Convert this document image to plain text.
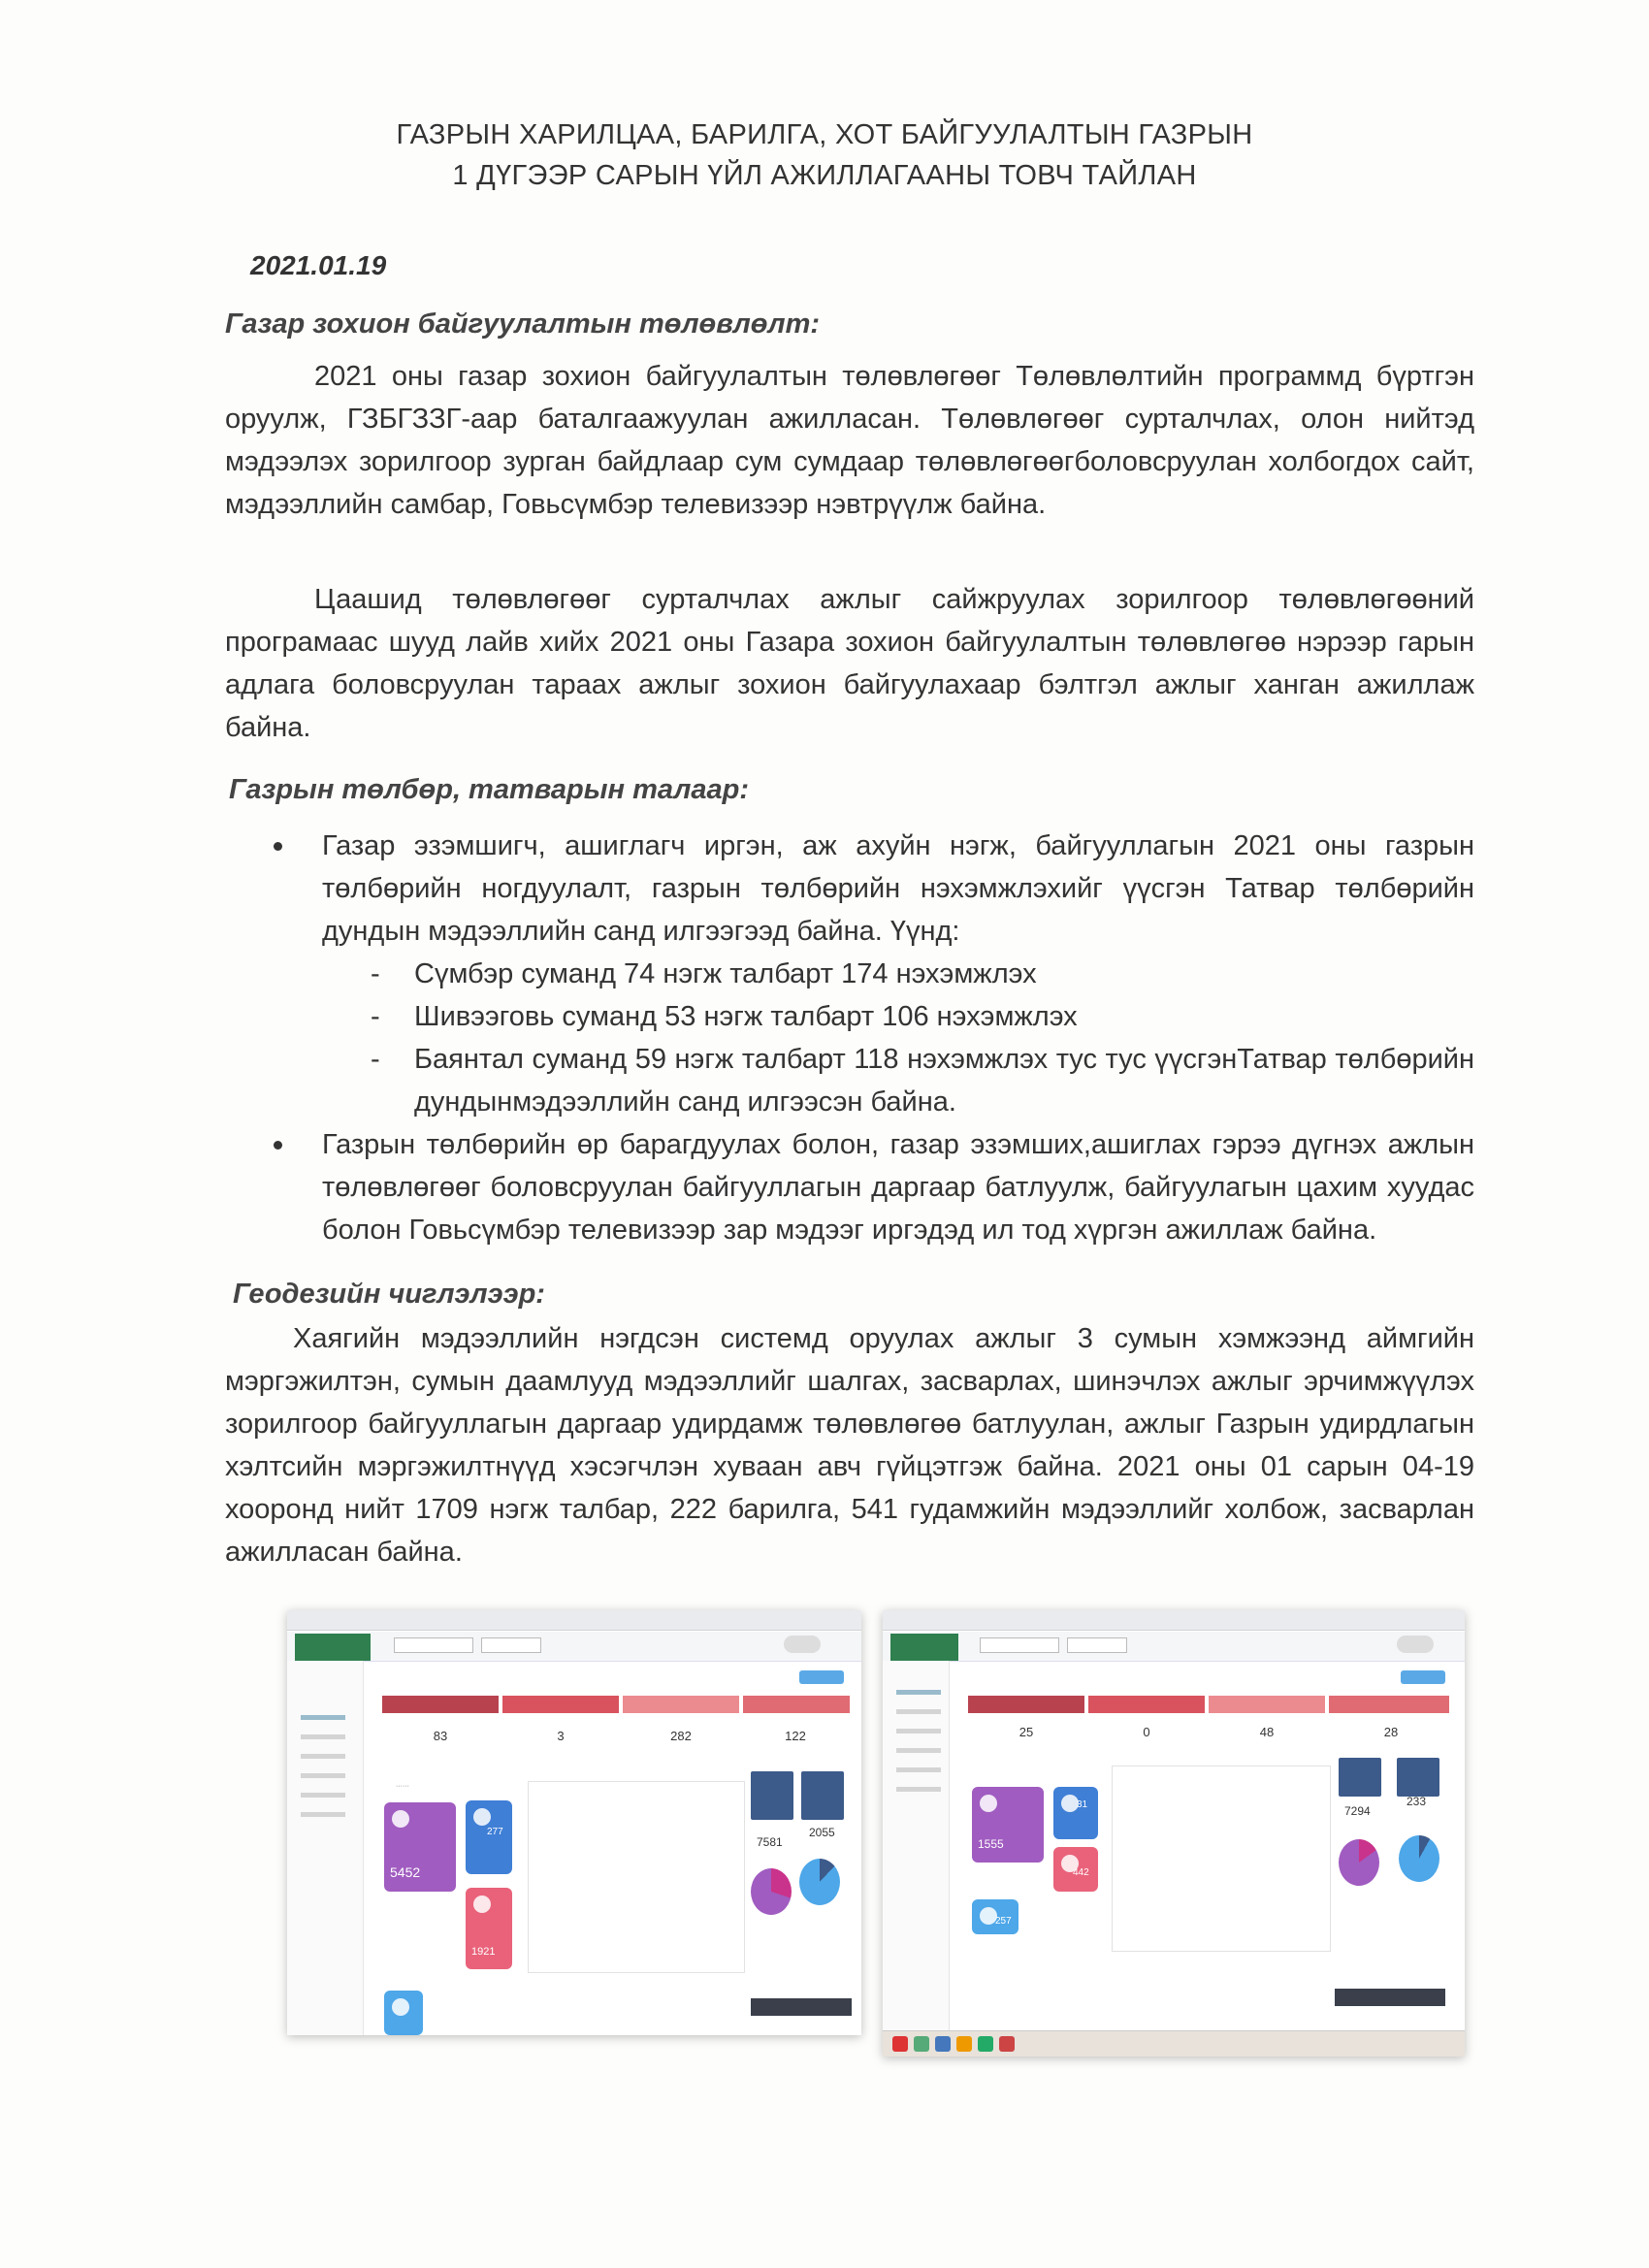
ГАЗРЫН ХАРИЛЦАА, БАРИЛГА, ХОТ БАЙГУУЛАЛТЫН ГАЗРЫН
1 ДҮГЭЭР САРЫН ҮЙЛ АЖИЛЛАГААНЫ ТОВЧ ТАЙЛАН
2021.01.19
Газар зохион байгуулалтын төлөвлөлт:
2021 оны газар зохион байгуулалтын төлөвлөгөөг Төлөвлөлтийн программд бүртгэн оруулж, ГЗБГЗЗГ-аар баталгаажуулан ажилласан. Төлөвлөгөөг сурталчлах, олон нийтэд мэдээлэх зорилгоор зурган байдлаар сум сумдаар төлөвлөгөөгболовсруулан холбогдох сайт, мэдээллийн самбар, Говьсүмбэр телевизээр нэвтрүүлж байна.
Цаашид төлөвлөгөөг сурталчлах ажлыг сайжруулах зорилгоор төлөвлөгөөний програмаас шууд лайв хийх 2021 оны Газара зохион байгуулалтын төлөвлөгөө нэрээр гарын адлага боловсруулан тараах ажлыг зохион байгуулахаар бэлтгэл ажлыг ханган ажиллаж байна.
Газрын төлбөр, татварын талаар:
Газар эзэмшигч, ашиглагч иргэн, аж ахуйн нэгж, байгууллагын 2021 оны газрын төлбөрийн ногдуулалт, газрын төлбөрийн нэхэмжлэхийг үүсгэн Татвар төлбөрийн дундын мэдээллийн санд илгээгээд байна. Үүнд:
- Сүмбэр суманд 74 нэгж талбарт 174 нэхэмжлэх
- Шивээговь суманд 53 нэгж талбарт 106 нэхэмжлэх
- Баянтал суманд 59 нэгж талбарт 118 нэхэмжлэх тус тус үүсгэнТатвар төлбөрийн дундынмэдээллийн санд илгээсэн байна.
Газрын төлбөрийн өр барагдуулах болон, газар эзэмших,ашиглах гэрээ дүгнэх ажлын төлөвлөгөөг боловсруулан байгууллагын даргаар батлуулж, байгуулагын цахим хуудас болон Говьсүмбэр телевизээр зар мэдээг иргэдэд ил тод хүргэн ажиллаж байна.
Геодезийн чиглэлээр:
Хаягийн мэдээллийн нэгдсэн системд оруулах ажлыг 3 сумын хэмжээнд аймгийн мэргэжилтэн, сумын даамлууд мэдээллийг шалгах, засварлах, шинэчлэх ажлыг эрчимжүүлэх зорилгоор байгууллагын даргаар удирдамж төлөвлөгөө батлуулан, ажлыг Газрын удирдлагын хэлтсийн мэргэжилтнүүд хэсэгчлэн хуваан авч гүйцэтгэж байна. 2021 оны 01 сарын 04-19 хооронд нийт 1709 нэгж талбар, 222 барилга, 541 гудамжийн мэдээллийг холбож, засварлан ажилласан байна.
83	3	282	122
5452
277
1921
······
7581
2055
25	0	48	28
1555
31
442
257
7294
233
